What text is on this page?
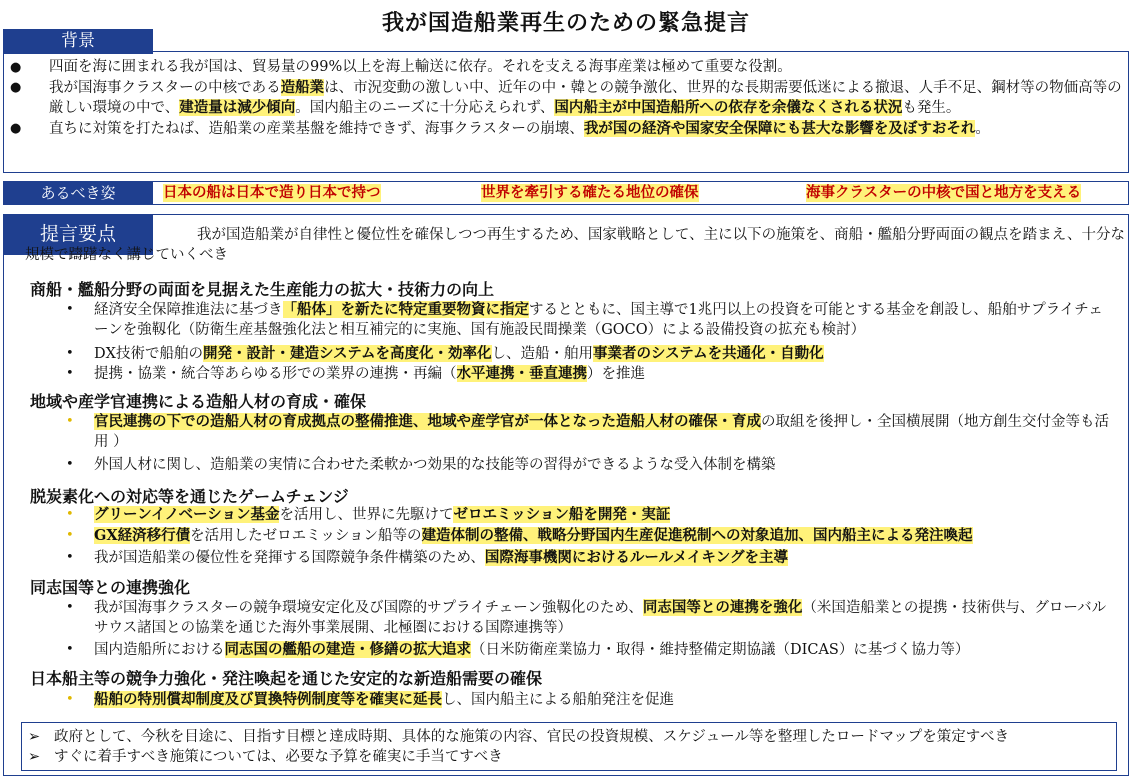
我が国造船業再生のための緊急提言
背景
● 四面を海に囲まれる我が国は、貿易量の99%以上を海上輸送に依存。それを支える海事産業は極めて重要な役割。
● 我が国海事クラスターの中核である造船業は、市況変動の激しい中、近年の中・韓との競争激化、世界的な長期需要低迷による撤退、人手不足、鋼材等の物価高等の厳しい環境の中で、建造量は減少傾向。国内船主のニーズに十分応えられず、国内船主が中国造船所への依存を余儀なくされる状況も発生。
● 直ちに対策を打たねば、造船業の産業基盤を維持できず、海事クラスターの崩壊、我が国の経済や国家安全保障にも甚大な影響を及ぼすおそれ。
あるべき姿	日本の船は日本で造り日本で持つ	世界を牽引する確たる地位の確保	海事クラスターの中核で国と地方を支える
提言要点	我が国造船業が自律性と優位性を確保しつつ再生するため、国家戦略として、主に以下の施策を、商船・艦船分野両面の観点を踏まえ、十分な規模で躊躇なく講じていくべき
商船・艦船分野の両面を見据えた生産能力の拡大・技術力の向上
•	経済安全保障推進法に基づき「船体」を新たに特定重要物資に指定するとともに、国主導で1兆円以上の投資を可能とする基金を創設し、船舶サプライチェーンを強靱化（防衛生産基盤強化法と相互補完的に実施、国有施設民間操業（GOCO）による設備投資の拡充も検討）
•	DX技術で船舶の開発・設計・建造システムを高度化・効率化し、造船・舶用事業者のシステムを共通化・自動化
•	提携・協業・統合等あらゆる形での業界の連携・再編（水平連携・垂直連携）を推進
地域や産学官連携による造船人材の育成・確保
•	官民連携の下での造船人材の育成拠点の整備推進、地域や産学官が一体となった造船人材の確保・育成の取組を後押し・全国横展開（地方創生交付金等も活用 ）
•	外国人材に関し、造船業の実情に合わせた柔軟かつ効果的な技能等の習得ができるような受入体制を構築
脱炭素化への対応等を通じたゲームチェンジ
•	グリーンイノベーション基金を活用し、世界に先駆けてゼロエミッション船を開発・実証
•	GX経済移行債を活用したゼロエミッション船等の建造体制の整備、戦略分野国内生産促進税制への対象追加、国内船主による発注喚起
•	我が国造船業の優位性を発揮する国際競争条件構築のため、国際海事機関におけるルールメイキングを主導
同志国等との連携強化
•	我が国海事クラスターの競争環境安定化及び国際的サプライチェーン強靱化のため、同志国等との連携を強化（米国造船業との提携・技術供与、グローバルサウス諸国との協業を通じた海外事業展開、北極圏における国際連携等）
•	国内造船所における同志国の艦船の建造・修繕の拡大追求（日米防衛産業協力・取得・維持整備定期協議（DICAS）に基づく協力等）
日本船主等の競争力強化・発注喚起を通じた安定的な新造船需要の確保
•	船舶の特別償却制度及び買換特例制度等を確実に延長し、国内船主による船舶発注を促進
➢ 政府として、今秋を目途に、目指す目標と達成時期、具体的な施策の内容、官民の投資規模、スケジュール等を整理したロードマップを策定すべき
➢ すぐに着手すべき施策については、必要な予算を確実に手当てすべき
